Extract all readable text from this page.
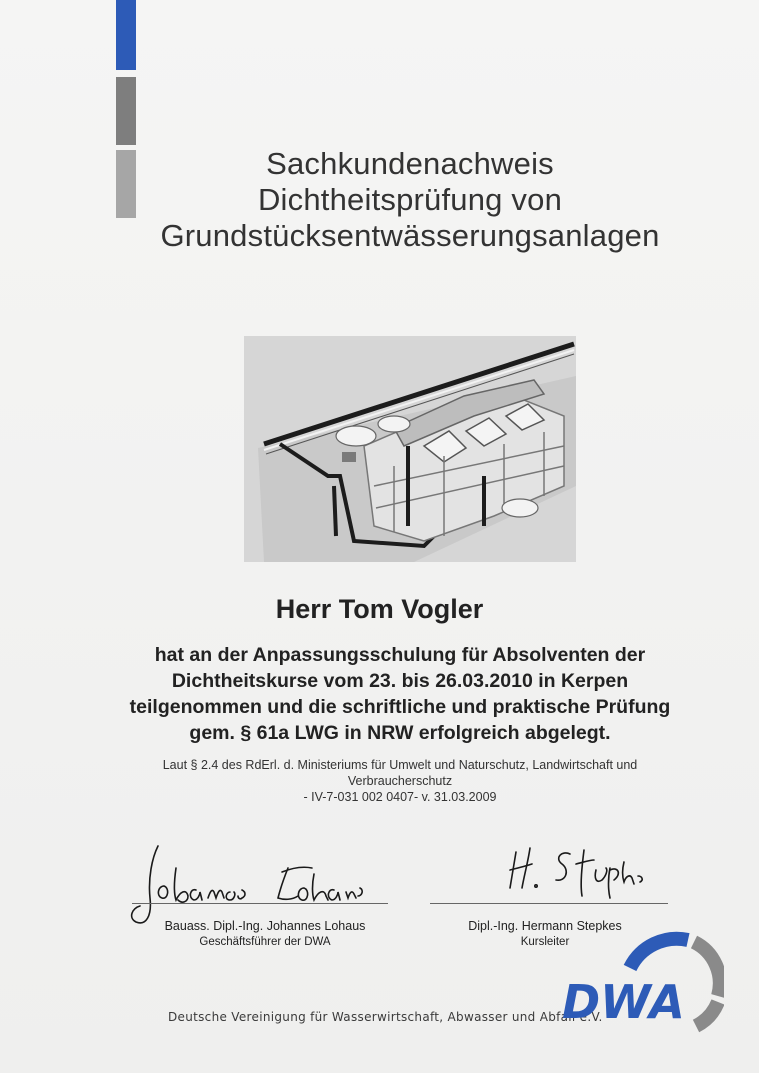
Sachkundenachweis
Dichtheitsprüfung von
Grundstücksentwässerungsanlagen
Herr Tom Vogler
hat an der Anpassungsschulung für Absolventen der
Dichtheitskurse vom 23. bis 26.03.2010 in Kerpen
teilgenommen und die schriftliche und praktische Prüfung
gem. § 61a LWG in NRW erfolgreich abgelegt.
Laut § 2.4 des RdErl. d. Ministeriums für Umwelt und Naturschutz, Landwirtschaft und
Verbraucherschutz
- IV-7-031 002 0407- v. 31.03.2009
Bauass. Dipl.-Ing. Johannes Lohaus
Geschäftsführer der DWA
Dipl.-Ing. Hermann Stepkes
Kursleiter
Deutsche Vereinigung für Wasserwirtschaft, Abwasser und Abfall e.V.
DWA
